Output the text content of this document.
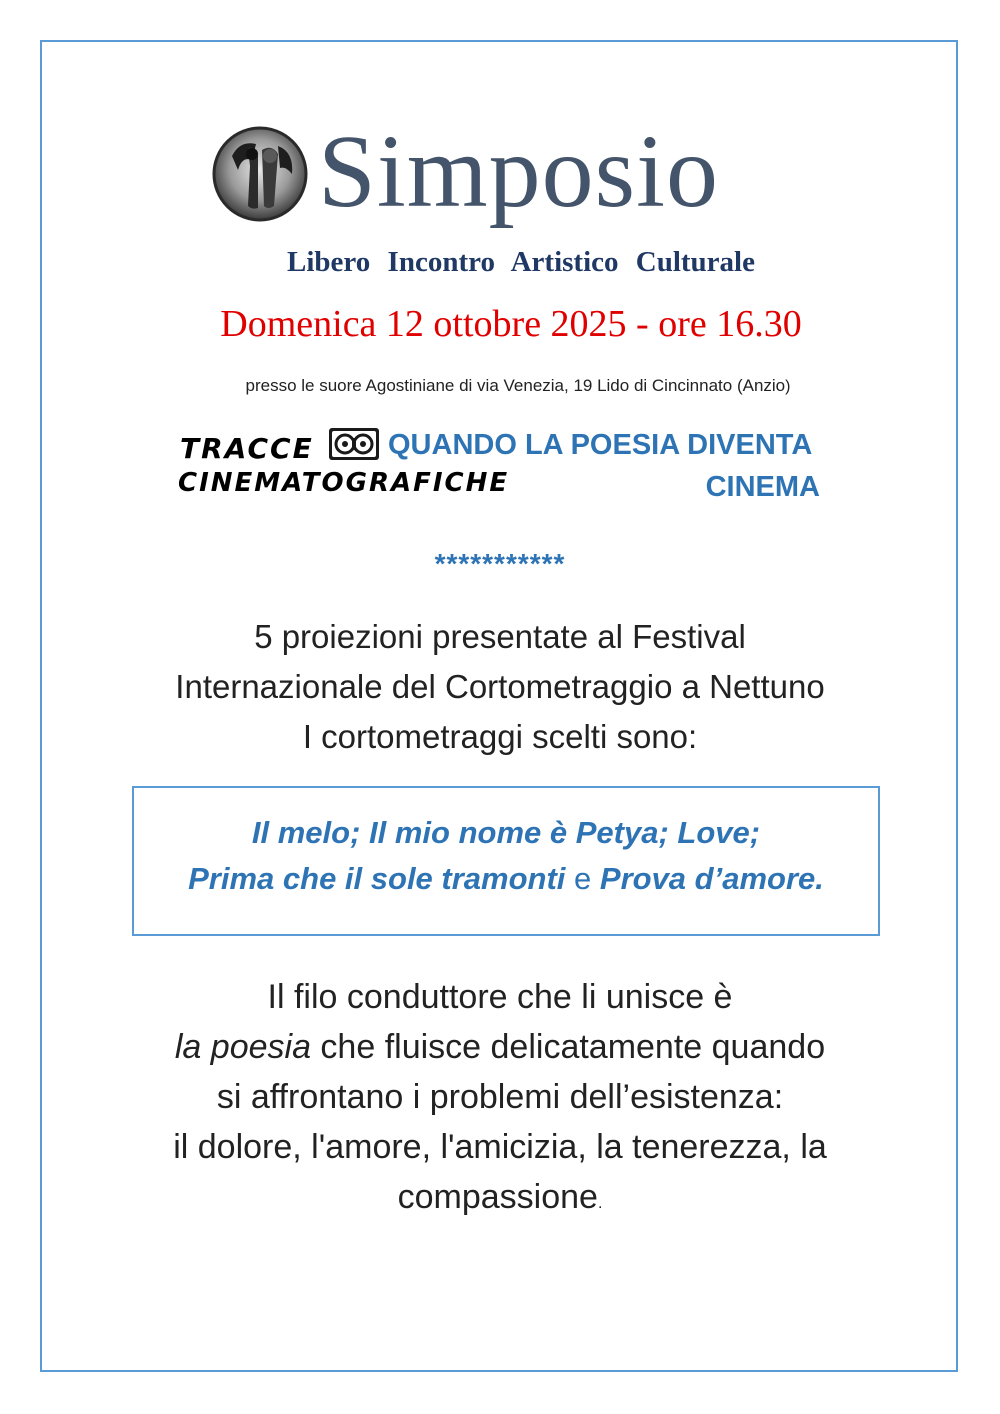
Simposio
Libero Incontro Artistico Culturale
Domenica 12 ottobre 2025 - ore 16.30
presso le suore Agostiniane di via Venezia, 19 Lido di Cincinnato (Anzio)
TRACCE
CINEMATOGRAFICHE
QUANDO LA POESIA DIVENTA
CINEMA
***********
5 proiezioni presentate al Festival
Internazionale del Cortometraggio a Nettuno
I cortometraggi scelti sono:
Il melo; Il mio nome è Petya; Love;
Prima che il sole tramonti e Prova d’amore.
Il filo conduttore che li unisce è
la poesia che fluisce delicatamente quando
si affrontano i problemi dell’esistenza:
il dolore, l'amore, l'amicizia, la tenerezza, la
compassione.
